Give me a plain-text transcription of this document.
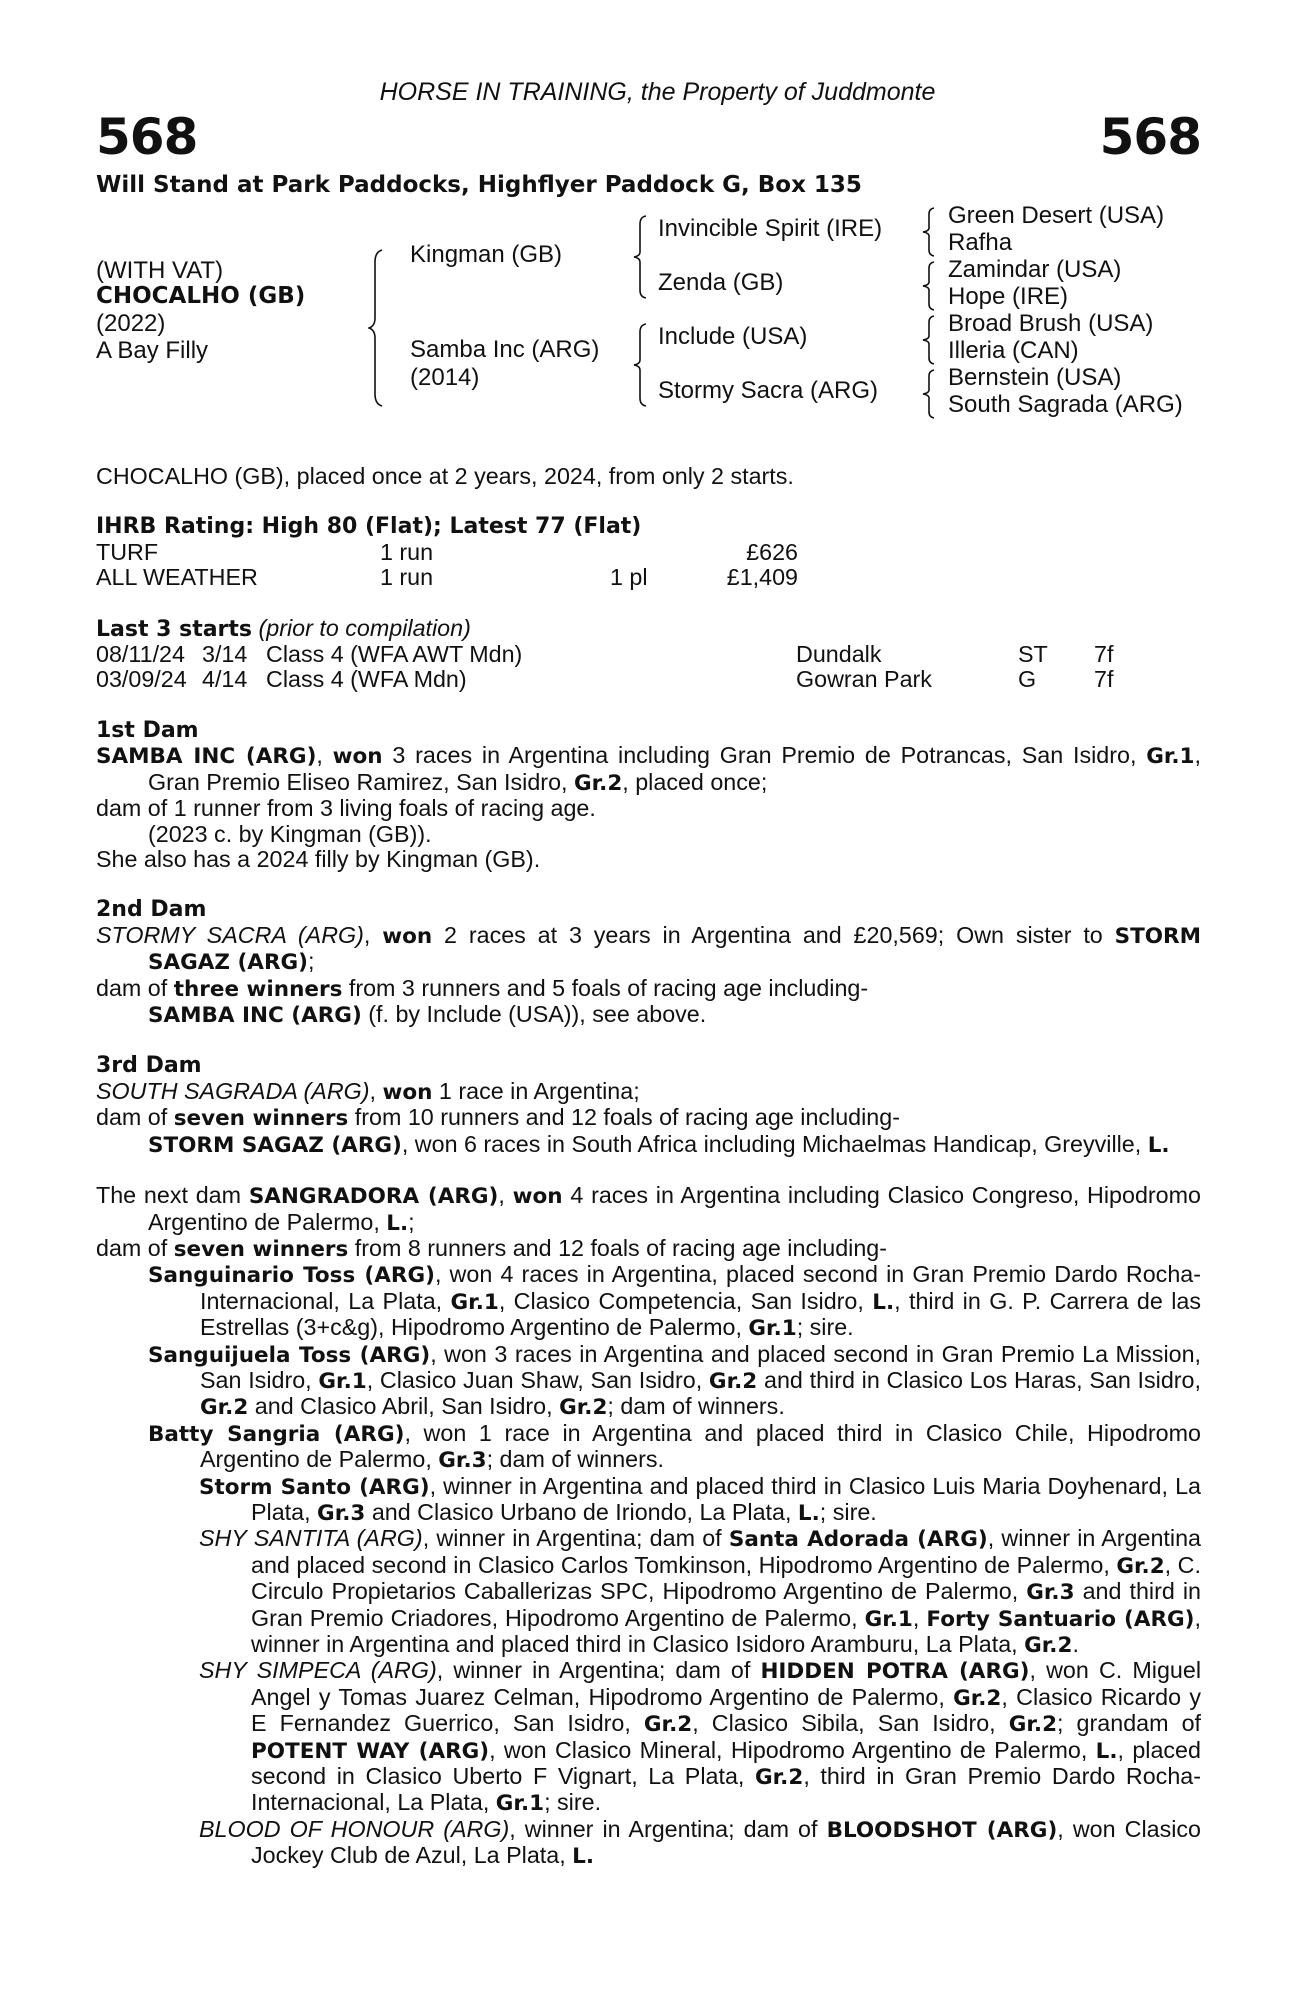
HORSE IN TRAINING, the Property of Juddmonte
568	568
Will Stand at Park Paddocks, Highflyer Paddock G, Box 135
(WITH VAT)
CHOCALHO (GB)
(2022)
A Bay Filly
Kingman (GB)
Samba Inc (ARG)
(2014)
Invincible Spirit (IRE)
Zenda (GB)
Include (USA)
Stormy Sacra (ARG)
Green Desert (USA)
Rafha
Zamindar (USA)
Hope (IRE)
Broad Brush (USA)
Illeria (CAN)
Bernstein (USA)
South Sagrada (ARG)

CHOCALHO (GB), placed once at 2 years, 2024, from only 2 starts.

IHRB Rating: High 80 (Flat); Latest 77 (Flat)

TURF	1 run		£626
ALL WEATHER	1 run	1 pl	£1,409

Last 3 starts (prior to compilation)

08/11/24	3/14	Class 4 (WFA AWT Mdn)	Dundalk	ST	7f
03/09/24	4/14	Class 4 (WFA Mdn)	Gowran Park	G	7f

1st Dam

SAMBA INC (ARG), won 3 races in Argentina including Gran Premio de Potrancas, San Isidro, Gr.1, Gran Premio Eliseo Ramirez, San Isidro, Gr.2, placed once;

dam of 1 runner from 3 living foals of racing age.

(2023 c. by Kingman (GB)).

She also has a 2024 filly by Kingman (GB).

2nd Dam

STORMY SACRA (ARG), won 2 races at 3 years in Argentina and £20,569; Own sister to STORM SAGAZ (ARG);

dam of three winners from 3 runners and 5 foals of racing age including-

SAMBA INC (ARG) (f. by Include (USA)), see above.

3rd Dam

SOUTH SAGRADA (ARG), won 1 race in Argentina;

dam of seven winners from 10 runners and 12 foals of racing age including-

STORM SAGAZ (ARG), won 6 races in South Africa including Michaelmas Handicap, Greyville, L.

The next dam SANGRADORA (ARG), won 4 races in Argentina including Clasico Congreso, Hipodromo Argentino de Palermo, L.;

dam of seven winners from 8 runners and 12 foals of racing age including-

Sanguinario Toss (ARG), won 4 races in Argentina, placed second in Gran Premio Dardo Rocha-Internacional, La Plata, Gr.1, Clasico Competencia, San Isidro, L., third in G. P. Carrera de las Estrellas (3+c&g), Hipodromo Argentino de Palermo, Gr.1; sire.

Sanguijuela Toss (ARG), won 3 races in Argentina and placed second in Gran Premio La Mission, San Isidro, Gr.1, Clasico Juan Shaw, San Isidro, Gr.2 and third in Clasico Los Haras, San Isidro, Gr.2 and Clasico Abril, San Isidro, Gr.2; dam of winners.

Batty Sangria (ARG), won 1 race in Argentina and placed third in Clasico Chile, Hipodromo Argentino de Palermo, Gr.3; dam of winners.

Storm Santo (ARG), winner in Argentina and placed third in Clasico Luis Maria Doyhenard, La Plata, Gr.3 and Clasico Urbano de Iriondo, La Plata, L.; sire.

SHY SANTITA (ARG), winner in Argentina; dam of Santa Adorada (ARG), winner in Argentina and placed second in Clasico Carlos Tomkinson, Hipodromo Argentino de Palermo, Gr.2, C. Circulo Propietarios Caballerizas SPC, Hipodromo Argentino de Palermo, Gr.3 and third in Gran Premio Criadores, Hipodromo Argentino de Palermo, Gr.1, Forty Santuario (ARG), winner in Argentina and placed third in Clasico Isidoro Aramburu, La Plata, Gr.2.

SHY SIMPECA (ARG), winner in Argentina; dam of HIDDEN POTRA (ARG), won C. Miguel Angel y Tomas Juarez Celman, Hipodromo Argentino de Palermo, Gr.2, Clasico Ricardo y E Fernandez Guerrico, San Isidro, Gr.2, Clasico Sibila, San Isidro, Gr.2; grandam of POTENT WAY (ARG), won Clasico Mineral, Hipodromo Argentino de Palermo, L., placed second in Clasico Uberto F Vignart, La Plata, Gr.2, third in Gran Premio Dardo Rocha-Internacional, La Plata, Gr.1; sire.

BLOOD OF HONOUR (ARG), winner in Argentina; dam of BLOODSHOT (ARG), won Clasico Jockey Club de Azul, La Plata, L.
